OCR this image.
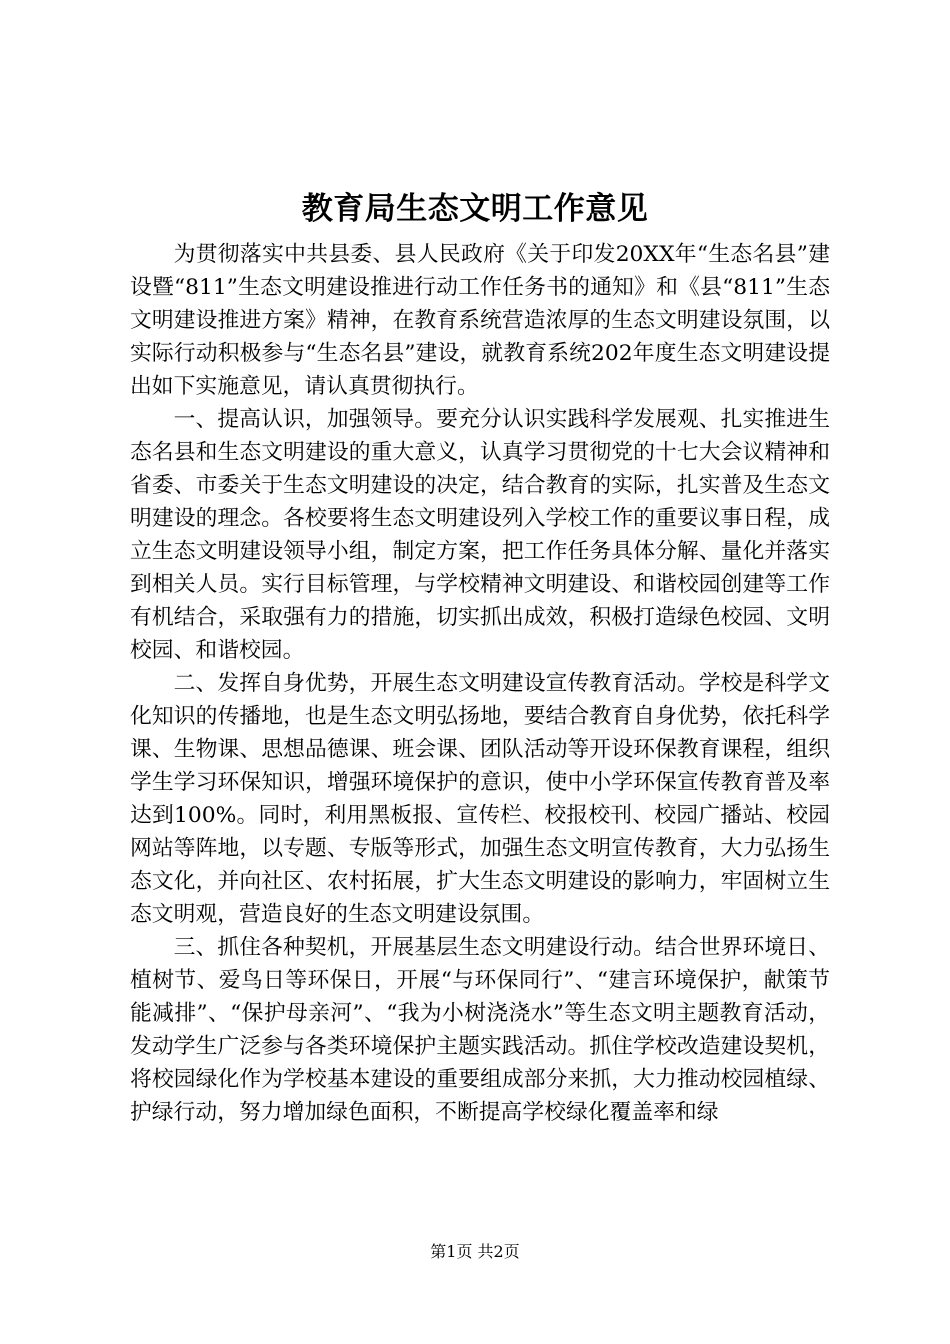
教育局生态文明工作意见

为贯彻落实中共县委、县人民政府《关于印发20XX年“生态名县”建设暨“811”生态文明建设推进行动工作任务书的通知》和《县“811”生态文明建设推进方案》精神，在教育系统营造浓厚的生态文明建设氛围，以实际行动积极参与“生态名县”建设，就教育系统202年度生态文明建设提出如下实施意见，请认真贯彻执行。

一、提高认识，加强领导。要充分认识实践科学发展观、扎实推进生态名县和生态文明建设的重大意义，认真学习贯彻党的十七大会议精神和省委、市委关于生态文明建设的决定，结合教育的实际，扎实普及生态文明建设的理念。各校要将生态文明建设列入学校工作的重要议事日程，成立生态文明建设领导小组，制定方案，把工作任务具体分解、量化并落实到相关人员。实行目标管理，与学校精神文明建设、和谐校园创建等工作有机结合，采取强有力的措施，切实抓出成效，积极打造绿色校园、文明校园、和谐校园。

二、发挥自身优势，开展生态文明建设宣传教育活动。学校是科学文化知识的传播地，也是生态文明弘扬地，要结合教育自身优势，依托科学课、生物课、思想品德课、班会课、团队活动等开设环保教育课程，组织学生学习环保知识，增强环境保护的意识，使中小学环保宣传教育普及率达到100%。同时，利用黑板报、宣传栏、校报校刊、校园广播站、校园网站等阵地，以专题、专版等形式，加强生态文明宣传教育，大力弘扬生态文化，并向社区、农村拓展，扩大生态文明建设的影响力，牢固树立生态文明观，营造良好的生态文明建设氛围。

三、抓住各种契机，开展基层生态文明建设行动。结合世界环境日、植树节、爱鸟日等环保日，开展“与环保同行”、“建言环境保护，献策节能减排”、“保护母亲河”、“我为小树浇浇水”等生态文明主题教育活动，发动学生广泛参与各类环境保护主题实践活动。抓住学校改造建设契机，将校园绿化作为学校基本建设的重要组成部分来抓，大力推动校园植绿、护绿行动，努力增加绿色面积，不断提高学校绿化覆盖率和绿

第1页 共2页
